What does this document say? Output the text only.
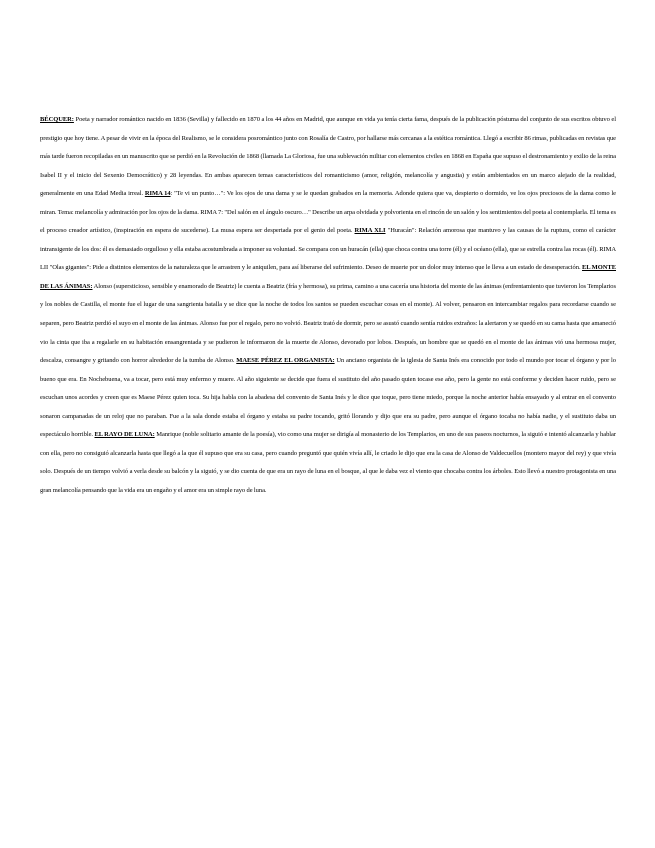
BÉCQUER: Poeta y narrador romántico nacido en 1836 (Sevilla) y fallecido en 1870 a los 44 años en Madrid, que aunque en vida ya tenía cierta fama, después de la publicación póstuma del conjunto de sus escritos obtuvo el prestigio que hoy tiene. A pesar de vivir en la época del Realismo, se le considera posromántico junto con Rosalía de Castro, por hallarse más cercanas a la estética romántica. Llegó a escribir 86 rimas, publicadas en revistas que más tarde fueron recopiladas en un manuscrito que se perdió en la Revolución de 1868 (llamada La Gloriosa, fue una sublevación militar con elementos civiles en 1868 en España que supuso el destronamiento y exilio de la reina Isabel II y el inicio del Sexenio Democrático) y 28 leyendas. En ambas aparecen temas característicos del romanticismo (amor, religión, melancolía y angustia) y están ambientados en un marco alejado de la realidad, generalmente en una Edad Media irreal. RIMA 14: "Te vi un punto…": Ve los ojos de una dama y se le quedan grabados en la memoria. Adonde quiera que va, despierto o dormido, ve los ojos preciosos de la dama como le miran. Tema: melancolía y admiración por los ojos de la dama. RIMA 7: "Del salón en el ángulo oscuro…" Describe un arpa olvidada y polvorienta en el rincón de un salón y los sentimientos del poeta al contemplarla. El tema es el proceso creador artístico, (inspiración en espera de sucederse). La musa espera ser despertada por el genio del poeta. RIMA XLI "Huracán": Relación amorosa que mantuvo y las causas de la ruptura, como el carácter intransigente de los dos: él es demasiado orgulloso y ella estaba acostumbrada a imponer su voluntad. Se compara con un huracán (ella) que choca contra una torre (él) y el océano (ella), que se estrella contra las rocas (él). RIMA LII "Olas gigantes": Pide a distintos elementos de la naturaleza que le arrastren y le aniquilen, para así liberarse del sufrimiento. Deseo de muerte por un dolor muy intenso que le lleva a un estado de desesperación. EL MONTE DE LAS ÁNIMAS: Alonso (supersticioso, sensible y enamorado de Beatriz) le cuenta a Beatriz (fría y hermosa), su prima, camino a una cacería una historia del monte de las ánimas (enfrentamiento que tuvieron los Templarios y los nobles de Castilla, el monte fue el lugar de una sangrienta batalla y se dice que la noche de todos los santos se pueden escuchar cosas en el monte). Al volver, pensaron en intercambiar regalos para recordarse cuando se separen, pero Beatriz perdió el suyo en el monte de las ánimas. Alonso fue por el regalo, pero no volvió. Beatriz trató de dormir, pero se asustó cuando sentía ruidos extraños: la alertaron y se quedó en su cama hasta que amaneció vio la cinta que iba a regalarle en su habitación ensangrentada y se pudieron le informaron de la muerte de Alonso, devorado por lobos. Después, un hombre que se quedó en el monte de las ánimas vió una hermosa mujer, descalza, consangre y gritando con horror alrededor de la tumba de Alonso. MAESE PÉREZ EL ORGANISTA: Un anciano organista de la iglesia de Santa Inés era conocido por todo el mundo por tocar el órgano y por lo bueno que era. En Nochebuena, va a tocar, pero está muy enfermo y muere. Al año siguiente se decide que fuera el sustituto del año pasado quien tocase ese año, pero la gente no está conforme y deciden hacer ruido, pero se escuchan unos acordes y creen que es Maese Pérez quien toca. Su hija habla con la abadesa del convento de Santa Inés y le dice que toque, pero tiene miedo, porque la noche anterior había ensayado y al entrar en el convento sonaron campanadas de un reloj que no paraban. Fue a la sala donde estaba el órgano y estaba su padre tocando, gritó llorando y dijo que era su padre, pero aunque el órgano tocaba no había nadie, y el sustituto daba un espectáculo horrible. EL RAYO DE LUNA: Manrique (noble solitario amante de la poesía), vio como una mujer se dirigía al monasterio de los Templarios, en uno de sus paseos nocturnos, la siguió e intentó alcanzarla y hablar con ella, pero no consiguió alcanzarla hasta que llegó a la que él supuso que era su casa, pero cuando preguntó que quién vivía allí, le criado le dijo que era la casa de Alonso de Valdecuellos (montero mayor del rey) y que vivía solo. Después de un tiempo volvió a verla desde su balcón y la siguió, y se dio cuenta de que era un rayo de luna en el bosque, al que le daba vez el viento que chocaba contra los árboles. Esto llevó a nuestro protagonista en una gran melancolía pensando que la vida era un engaño y el amor era un simple rayo de luna.
